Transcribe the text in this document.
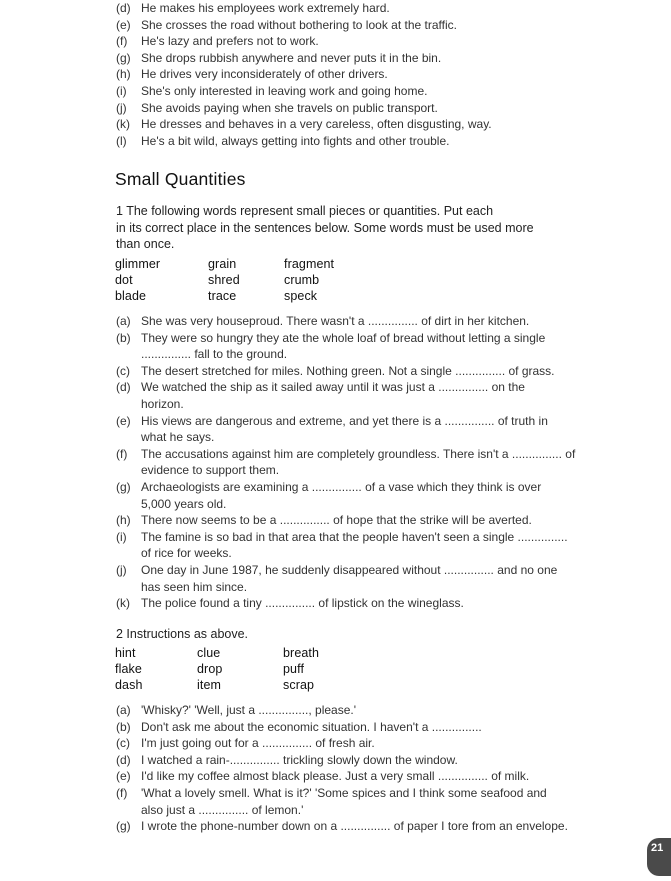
(d) He makes his employees work extremely hard.
(e) She crosses the road without bothering to look at the traffic.
(f)	He's lazy and prefers not to work.
(g) She drops rubbish anywhere and never puts it in the bin.
(h) He drives very inconsiderately of other drivers.
(i)	She's only interested in leaving work and going home.
(j)	She avoids paying when she travels on public transport.
(k) He dresses and behaves in a very careless, often disgusting, way.
(l)	He's a bit wild, always getting into fights and other trouble.
Small Quantities
1 The following words represent small pieces or quantities. Put each
in its correct place in the sentences below. Some words must be used more
than once.
glimmer	grain	fragment
dot	shred	crumb
blade	trace	speck
(a) She was very houseproud. There wasn't a ............... of dirt in her kitchen.
(b) They were so hungry they ate the whole loaf of bread without letting a single
............... fall to the ground.
(c) The desert stretched for miles. Nothing green. Not a single ............... of grass.
(d) We watched the ship as it sailed away until it was just a ............... on the
horizon.
(e) His views are dangerous and extreme, and yet there is a ............... of truth in
what he says.
(f)	The accusations against him are completely groundless. There isn't a ............... of
evidence to support them.
(g) Archaeologists are examining a ............... of a vase which they think is over
5,000 years old.
(h) There now seems to be a ............... of hope that the strike will be averted.
(i)	The famine is so bad in that area that the people haven't seen a single ...............
of rice for weeks.
(j)	One day in June 1987, he suddenly disappeared without ............... and no one
has seen him since.
(k) The police found a tiny ............... of lipstick on the wineglass.
2 Instructions as above.
hint	clue	breath
flake	drop	puff
dash	item	scrap
(a) 'Whisky?' 'Well, just a ..............., please.'
(b) Don't ask me about the economic situation. I haven't a ...............
(c) I'm just going out for a ............... of fresh air.
(d) I watched a rain-............... trickling slowly down the window.
(e) I'd like my coffee almost black please. Just a very small ............... of milk.
(f)	'What a lovely smell. What is it?' 'Some spices and I think some seafood and
also just a ............... of lemon.'
(g) I wrote the phone-number down on a ............... of paper I tore from an envelope.
21
